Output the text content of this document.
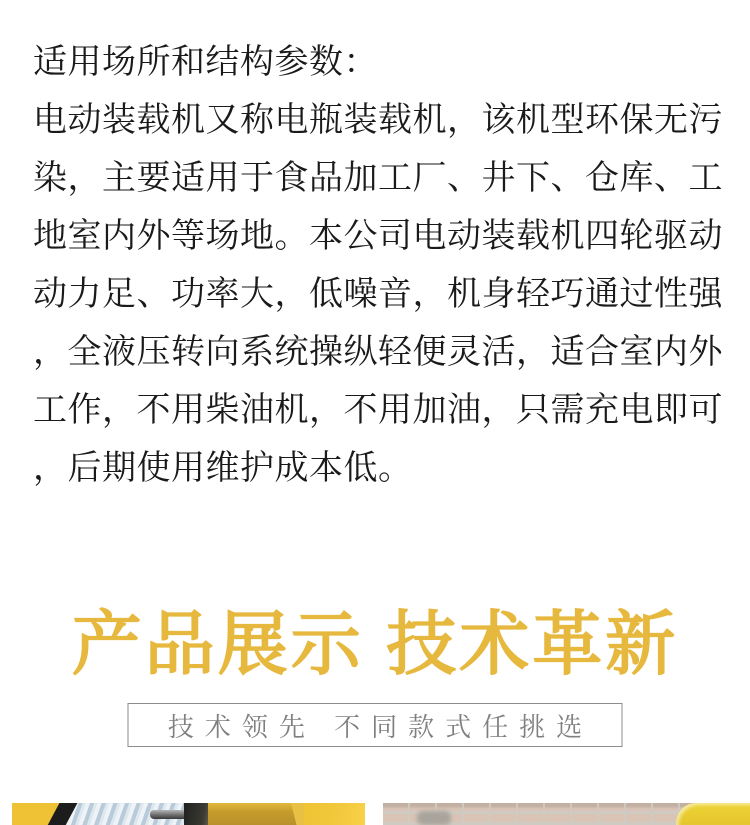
适用场所和结构参数：
电动装载机又称电瓶装载机，该机型环保无污
染，主要适用于食品加工厂、井下、仓库、工
地室内外等场地。本公司电动装载机四轮驱动
动力足、功率大，低噪音，机身轻巧通过性强
，全液压转向系统操纵轻便灵活，适合室内外
工作，不用柴油机，不用加油，只需充电即可
，后期使用维护成本低。
产品展示 技术革新
技术领先 不同款式任挑选
